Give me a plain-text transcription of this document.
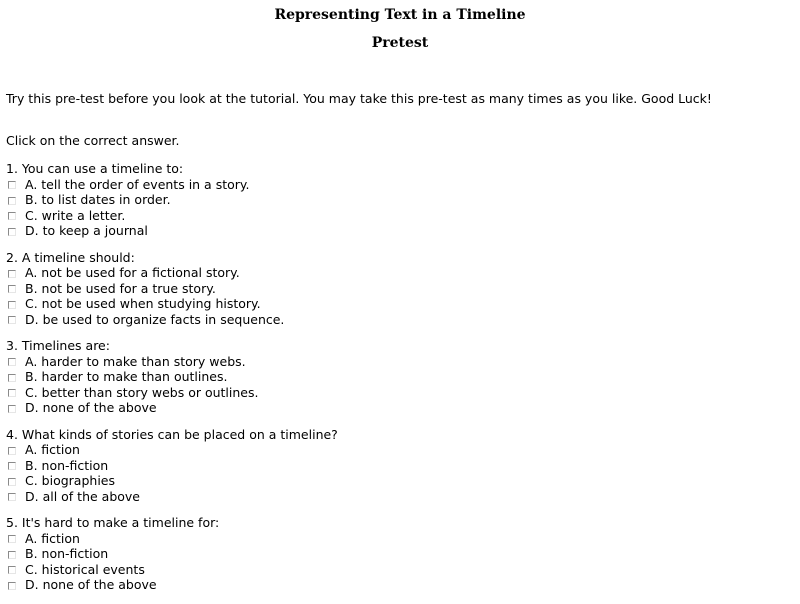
Representing Text in a Timeline
Pretest

Try this pre-test before you look at the tutorial. You may take this pre-test as many times as you like. Good Luck!

Click on the correct answer.

1. You can use a timeline to:
A. tell the order of events in a story.
B. to list dates in order.
C. write a letter.
D. to keep a journal
2. A timeline should:
A. not be used for a fictional story.
B. not be used for a true story.
C. not be used when studying history.
D. be used to organize facts in sequence.
3. Timelines are:
A. harder to make than story webs.
B. harder to make than outlines.
C. better than story webs or outlines.
D. none of the above
4. What kinds of stories can be placed on a timeline?
A. fiction
B. non-fiction
C. biographies
D. all of the above
5. It's hard to make a timeline for:
A. fiction
B. non-fiction
C. historical events
D. none of the above
